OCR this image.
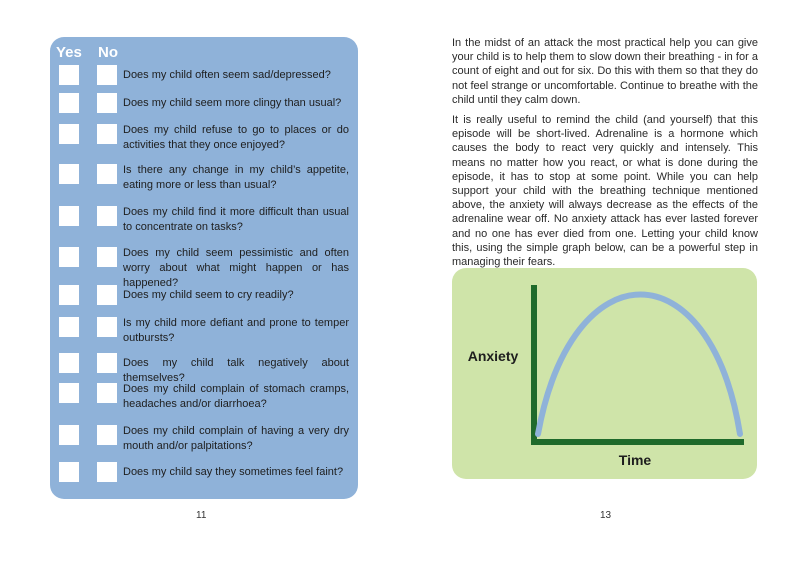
Yes No
Does my child often seem sad/depressed?
Does my child seem more clingy than usual?
Does my child refuse to go to places or do activities that they once enjoyed?
Is there any change in my child’s appetite, eating more or less than usual?
Does my child find it more difficult than usual to concentrate on tasks?
Does my child seem pessimistic and often worry about what might happen or has happened?
Does my child seem to cry readily?
Is my child more defiant and prone to temper outbursts?
Does my child talk negatively about themselves?
Does my child complain of stomach cramps, headaches and/or diarrhoea?
Does my child complain of having a very dry mouth and/or palpitations?
Does my child say they sometimes feel faint?
11

In the midst of an attack the most practical help you can give your child is to help them to slow down their breathing - in for a count of eight and out for six. Do this with them so that they do not feel strange or uncomfortable. Continue to breathe with the child until they calm down.

It is really useful to remind the child (and yourself) that this episode will be short-lived. Adrenaline is a hormone which causes the body to react very quickly and intensely. This means no matter how you react, or what is done during the episode, it has to stop at some point. While you can help support your child with the breathing technique mentioned above, the anxiety will always decrease as the effects of the adrenaline wear off. No anxiety attack has ever lasted forever and no one has ever died from one. Letting your child know this, using the simple graph below, can be a powerful step in managing their fears.

Anxiety
Time
13
